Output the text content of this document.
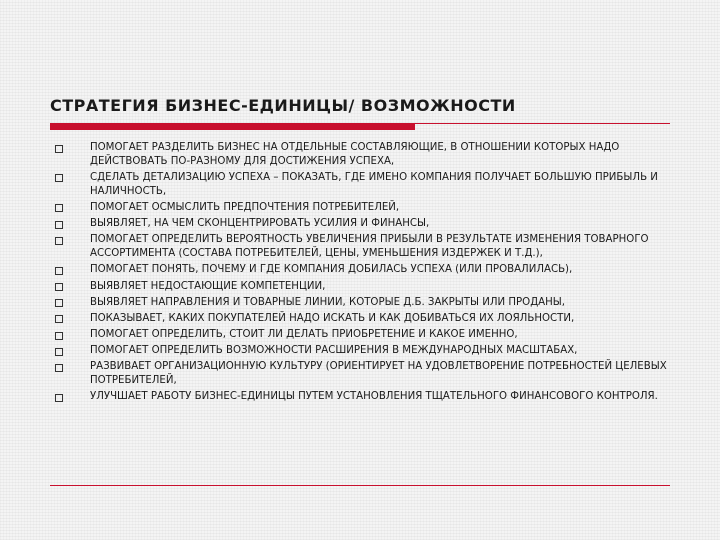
СТРАТЕГИЯ БИЗНЕС-ЕДИНИЦЫ/ ВОЗМОЖНОСТИ
ПОМОГАЕТ РАЗДЕЛИТЬ БИЗНЕС НА ОТДЕЛЬНЫЕ СОСТАВЛЯЮЩИЕ, В ОТНОШЕНИИ КОТОРЫХ НАДО ДЕЙСТВОВАТЬ ПО-РАЗНОМУ ДЛЯ ДОСТИЖЕНИЯ УСПЕХА,
СДЕЛАТЬ ДЕТАЛИЗАЦИЮ УСПЕХА – ПОКАЗАТЬ, ГДЕ ИМЕНО КОМПАНИЯ ПОЛУЧАЕТ БОЛЬШУЮ ПРИБЫЛЬ И НАЛИЧНОСТЬ,
ПОМОГАЕТ ОСМЫСЛИТЬ ПРЕДПОЧТЕНИЯ ПОТРЕБИТЕЛЕЙ,
ВЫЯВЛЯЕТ, НА ЧЕМ СКОНЦЕНТРИРОВАТЬ УСИЛИЯ И ФИНАНСЫ,
ПОМОГАЕТ ОПРЕДЕЛИТЬ ВЕРОЯТНОСТЬ УВЕЛИЧЕНИЯ ПРИБЫЛИ В РЕЗУЛЬТАТЕ ИЗМЕНЕНИЯ ТОВАРНОГО АССОРТИМЕНТА (СОСТАВА ПОТРЕБИТЕЛЕЙ, ЦЕНЫ, УМЕНЬШЕНИЯ ИЗДЕРЖЕК И Т.Д.),
ПОМОГАЕТ ПОНЯТЬ, ПОЧЕМУ И ГДЕ КОМПАНИЯ ДОБИЛАСЬ УСПЕХА (ИЛИ ПРОВАЛИЛАСЬ),
ВЫЯВЛЯЕТ НЕДОСТАЮЩИЕ КОМПЕТЕНЦИИ,
ВЫЯВЛЯЕТ НАПРАВЛЕНИЯ И ТОВАРНЫЕ ЛИНИИ, КОТОРЫЕ Д.Б. ЗАКРЫТЫ ИЛИ ПРОДАНЫ,
ПОКАЗЫВАЕТ, КАКИХ ПОКУПАТЕЛЕЙ НАДО ИСКАТЬ И КАК ДОБИВАТЬСЯ ИХ ЛОЯЛЬНОСТИ,
ПОМОГАЕТ ОПРЕДЕЛИТЬ, СТОИТ ЛИ ДЕЛАТЬ ПРИОБРЕТЕНИЕ И КАКОЕ ИМЕННО,
ПОМОГАЕТ ОПРЕДЕЛИТЬ ВОЗМОЖНОСТИ РАСШИРЕНИЯ В МЕЖДУНАРОДНЫХ МАСШТАБАХ,
РАЗВИВАЕТ ОРГАНИЗАЦИОННУЮ КУЛЬТУРУ (ОРИЕНТИРУЕТ НА УДОВЛЕТВОРЕНИЕ ПОТРЕБНОСТЕЙ ЦЕЛЕВЫХ ПОТРЕБИТЕЛЕЙ,
УЛУЧШАЕТ РАБОТУ БИЗНЕС-ЕДИНИЦЫ ПУТЕМ УСТАНОВЛЕНИЯ ТЩАТЕЛЬНОГО ФИНАНСОВОГО КОНТРОЛЯ.
